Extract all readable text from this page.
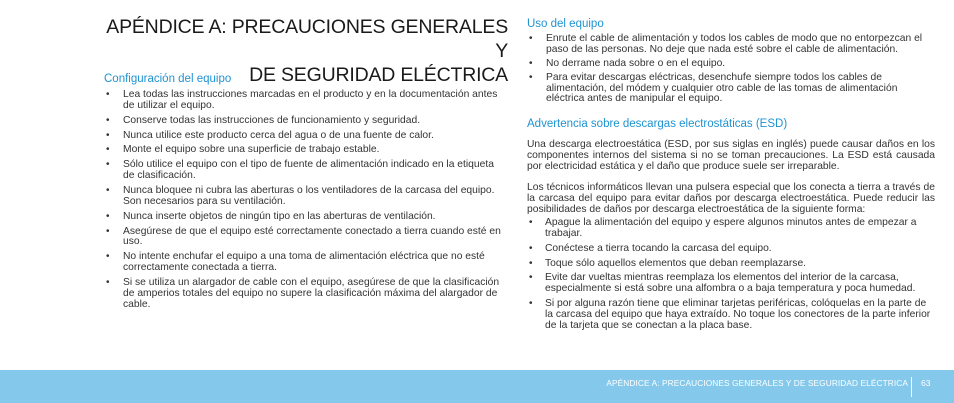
APÉNDICE A: PRECAUCIONES GENERALES Y
DE SEGURIDAD ELÉCTRICA
Configuración del equipo
• Lea todas las instrucciones marcadas en el producto y en la documentación antes de utilizar el equipo.
• Conserve todas las instrucciones de funcionamiento y seguridad.
• Nunca utilice este producto cerca del agua o de una fuente de calor.
• Monte el equipo sobre una superficie de trabajo estable.
• Sólo utilice el equipo con el tipo de fuente de alimentación indicado en la etiqueta de clasificación.
• Nunca bloquee ni cubra las aberturas o los ventiladores de la carcasa del equipo. Son necesarios para su ventilación.
• Nunca inserte objetos de ningún tipo en las aberturas de ventilación.
• Asegúrese de que el equipo esté correctamente conectado a tierra cuando esté en uso.
• No intente enchufar el equipo a una toma de alimentación eléctrica que no esté correctamente conectada a tierra.
• Si se utiliza un alargador de cable con el equipo, asegúrese de que la clasificación de amperios totales del equipo no supere la clasificación máxima del alargador de cable.
Uso del equipo
• Enrute el cable de alimentación y todos los cables de modo que no entorpezcan el paso de las personas. No deje que nada esté sobre el cable de alimentación.
• No derrame nada sobre o en el equipo.
• Para evitar descargas eléctricas, desenchufe siempre todos los cables de alimentación, del módem y cualquier otro cable de las tomas de alimentación eléctrica antes de manipular el equipo.
Advertencia sobre descargas electrostáticas (ESD)

Una descarga electroestática (ESD, por sus siglas en inglés) puede causar daños en los componentes internos del sistema si no se toman precauciones. La ESD está causada por electricidad estática y el daño que produce suele ser irreparable.

Los técnicos informáticos llevan una pulsera especial que los conecta a tierra a través de la carcasa del equipo para evitar daños por descarga electroestática. Puede reducir las posibilidades de daños por descarga electroestática de la siguiente forma:

• Apague la alimentación del equipo y espere algunos minutos antes de empezar a trabajar.
• Conéctese a tierra tocando la carcasa del equipo.
• Toque sólo aquellos elementos que deban reemplazarse.
• Evite dar vueltas mientras reemplaza los elementos del interior de la carcasa, especialmente si está sobre una alfombra o a baja temperatura y poca humedad.
• Si por alguna razón tiene que eliminar tarjetas periféricas, colóquelas en la parte de la carcasa del equipo que haya extraído. No toque los conectores de la parte inferior de la tarjeta que se conectan a la placa base.
APÉNDICE A: PRECAUCIONES GENERALES Y DE SEGURIDAD ELÉCTRICA 63
